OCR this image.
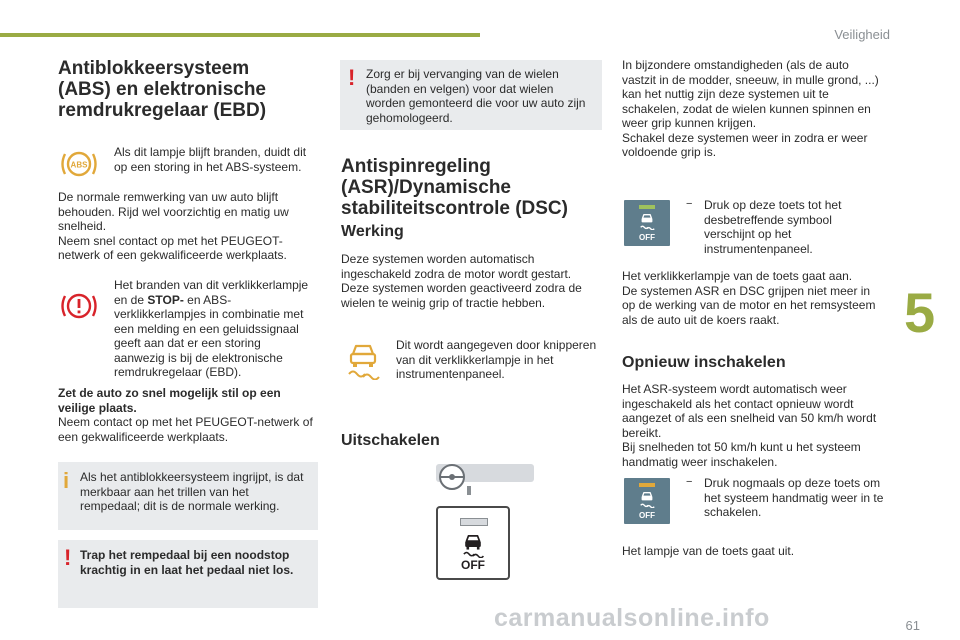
Veiligheid
5
61
carmanualsonline.info
Antiblokkeersysteem
(ABS) en elektronische
remdrukregelaar (EBD)
ABS
Als dit lampje blijft branden, duidt dit op een storing in het ABS-systeem.
De normale remwerking van uw auto blijft behouden. Rijd wel voorzichtig en matig uw snelheid.
Neem snel contact op met het PEUGEOT-netwerk of een gekwalificeerde werkplaats.
Het branden van dit verklikkerlampje en de STOP- en ABS-verklikkerlampjes in combinatie met een melding en een geluidssignaal geeft aan dat er een storing aanwezig is bij de elektronische remdrukregelaar (EBD).
Zet de auto zo snel mogelijk stil op een veilige plaats.
Neem contact op met het PEUGEOT-netwerk of een gekwalificeerde werkplaats.
i Als het antiblokkeersysteem ingrijpt, is dat merkbaar aan het trillen van het rempedaal; dit is de normale werking.
! Trap het rempedaal bij een noodstop krachtig in en laat het pedaal niet los.
! Zorg er bij vervanging van de wielen (banden en velgen) voor dat wielen worden gemonteerd die voor uw auto zijn gehomologeerd.
Antispinregeling
(ASR)/Dynamische
stabiliteitscontrole (DSC)
Werking
Deze systemen worden automatisch ingeschakeld zodra de motor wordt gestart.
Deze systemen worden geactiveerd zodra de wielen te weinig grip of tractie hebben.
Dit wordt aangegeven door knipperen van dit verklikkerlampje in het instrumentenpaneel.
Uitschakelen
OFF
In bijzondere omstandigheden (als de auto vastzit in de modder, sneeuw, in mulle grond, ...) kan het nuttig zijn deze systemen uit te schakelen, zodat de wielen kunnen spinnen en weer grip kunnen krijgen.
Schakel deze systemen weer in zodra er weer voldoende grip is.
OFF
− Druk op deze toets tot het desbetreffende symbool verschijnt op het instrumentenpaneel.
Het verklikkerlampje van de toets gaat aan.
De systemen ASR en DSC grijpen niet meer in op de werking van de motor en het remsysteem als de auto uit de koers raakt.
Opnieuw inschakelen
Het ASR-systeem wordt automatisch weer ingeschakeld als het contact opnieuw wordt aangezet of als een snelheid van 50 km/h wordt bereikt.
Bij snelheden tot 50 km/h kunt u het systeem handmatig weer inschakelen.
OFF
− Druk nogmaals op deze toets om het systeem handmatig weer in te schakelen.
Het lampje van de toets gaat uit.
